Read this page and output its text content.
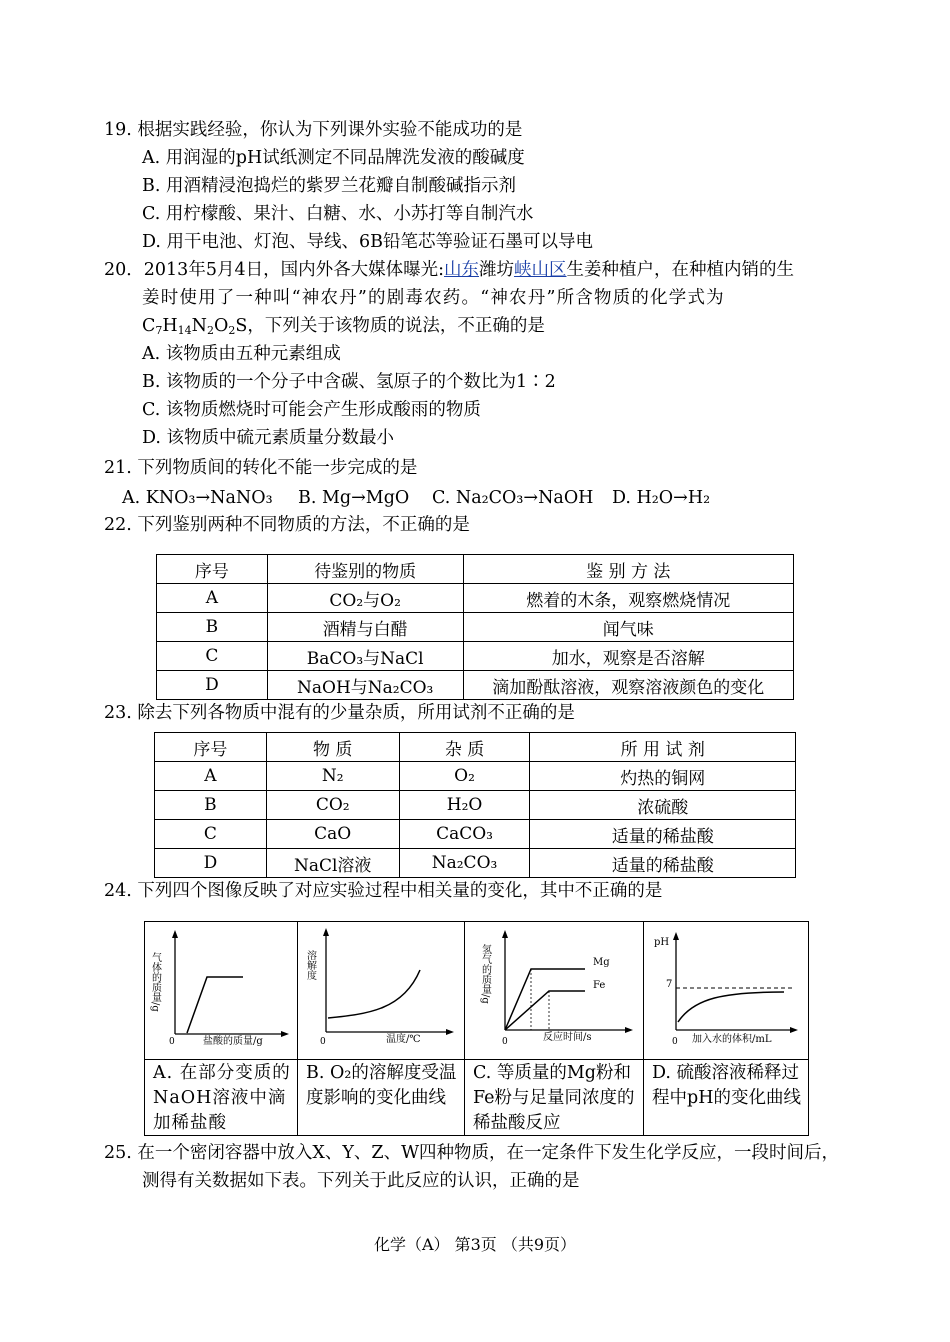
19. 根据实践经验，你认为下列课外实验不能成功的是
A. 用润湿的pH试纸测定不同品牌洗发液的酸碱度
B. 用酒精浸泡捣烂的紫罗兰花瓣自制酸碱指示剂
C. 用柠檬酸、果汁、白糖、水、小苏打等自制汽水
D. 用干电池、灯泡、导线、6B铅笔芯等验证石墨可以导电
20．2013年5月4日，国内外各大媒体曝光:山东潍坊峡山区生姜种植户，在种植内销的生
姜时使用了一种叫“神农丹”的剧毒农药。“神农丹”所含物质的化学式为
$C_7H_{14}N_2O_2S$，下列关于该物质的说法，不正确的是
A. 该物质由五种元素组成
B. 该物质的一个分子中含碳、氢原子的个数比为1∶2
C. 该物质燃烧时可能会产生形成酸雨的物质
D. 该物质中硫元素质量分数最小
21. 下列物质间的转化不能一步完成的是
A. KNO₃→NaNO₃ B. Mg→MgO C. Na₂CO₃→NaOH D. H₂O→H₂
22. 下列鉴别两种不同物质的方法，不正确的是
序号	待鉴别的物质	鉴 别 方 法
A	CO₂与O₂	燃着的木条，观察燃烧情况
B	酒精与白醋	闻气味
C	BaCO₃与NaCl	加水，观察是否溶解
D	NaOH与Na₂CO₃	滴加酚酞溶液，观察溶液颜色的变化
23. 除去下列各物质中混有的少量杂质，所用试剂不正确的是
序号	物 质	杂 质	所 用 试 剂
A	N₂	O₂	灼热的铜网
B	CO₂	H₂O	浓硫酸
C	CaO	CaCO₃	适量的稀盐酸
D	NaCl溶液	Na₂CO₃	适量的稀盐酸
24. 下列四个图像反映了对应实验过程中相关量的变化，其中不正确的是
气体的质量/g
盐酸的质量/g
0
溶解度
温度/℃
0
Mg
Fe
氢气的质量/g
反应时间/s
0
pH
7
加入水的体积/mL
0
A. 在部分变质的NaOH溶液中滴加稀盐酸
B. O₂的溶解度受温度影响的变化曲线
C. 等质量的Mg粉和Fe粉与足量同浓度的稀盐酸反应
D. 硫酸溶液稀释过程中pH的变化曲线
25. 在一个密闭容器中放入X、Y、Z、W四种物质，在一定条件下发生化学反应，一段时间后，
测得有关数据如下表。下列关于此反应的认识，正确的是
化学（A） 第3页 （共9页）
